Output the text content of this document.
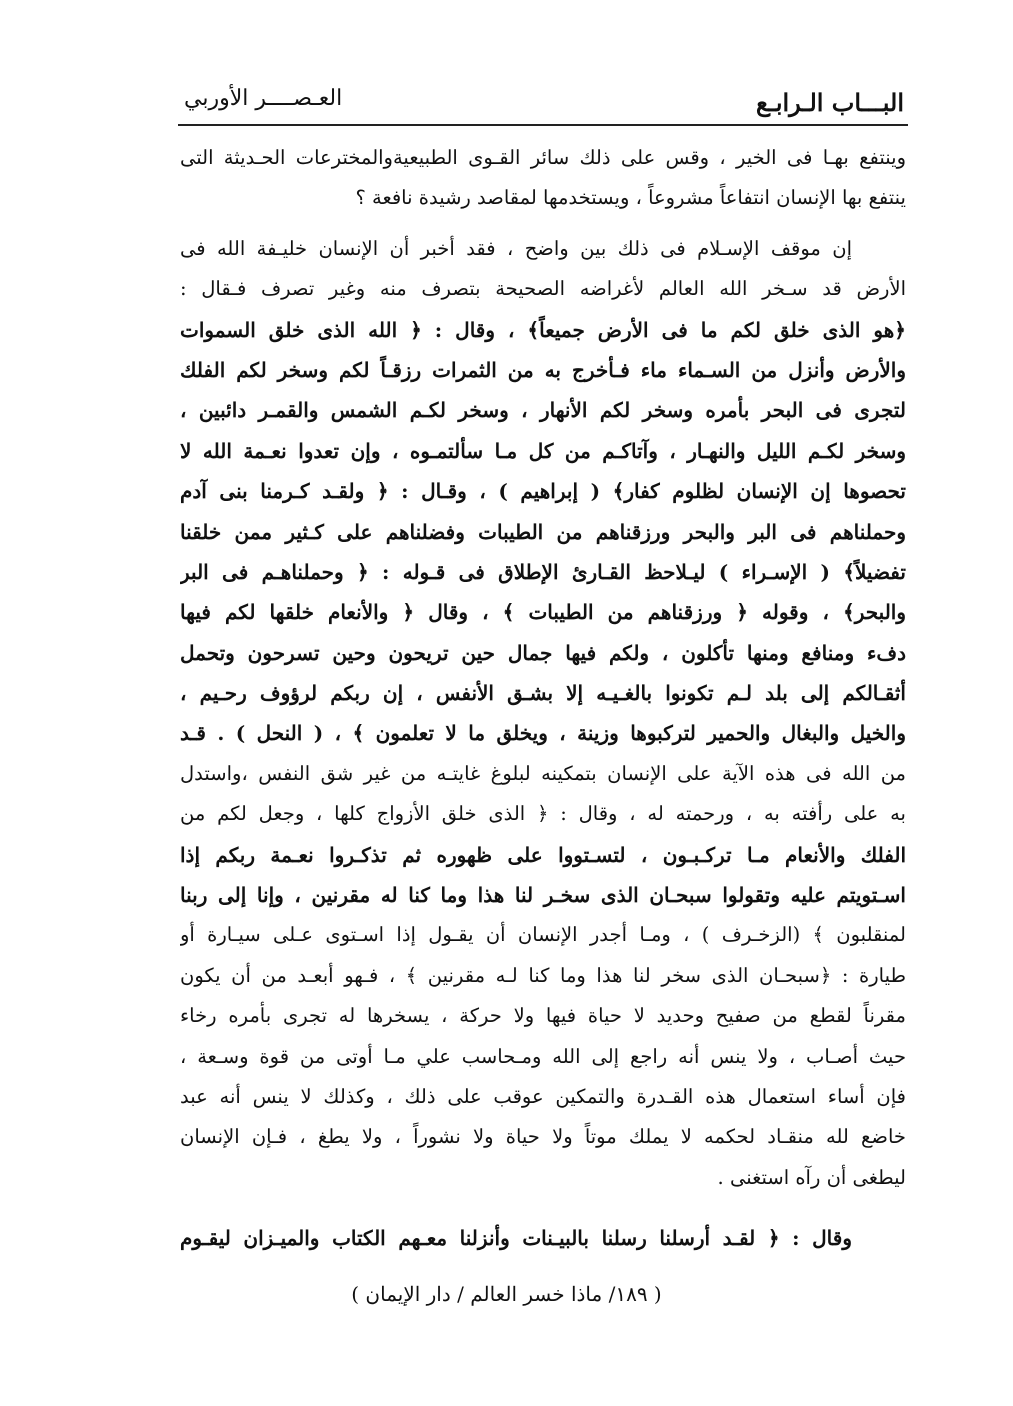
البـــاب الـرابـع
العـصــــر الأوربي
وينتفع بهـا فى الخير ، وقس على ذلك سائر القـوى الطبيعيةوالمخترعات الحـديثة التى
ينتفع بها الإنسان انتفاعاً مشروعاً ، ويستخدمها لمقاصد رشيدة نافعة ؟
إن موقف الإسـلام فى ذلك بين واضح ، فقد أخبر أن الإنسان خليـفة الله فى
الأرض قد سـخر الله العالم لأغراضه الصحيحة بتصرف منه وغير تصرف فـقال :
﴿هو الذى خلق لكم ما فى الأرض جميعاً﴾ ، وقال : ﴿ الله الذى خلق السموات
والأرض وأنزل من السـماء ماء فـأخرج به من الثمرات رزقـاً لكم وسخر لكم الفلك
لتجرى فى البحر بأمره وسخر لكم الأنهار ، وسخر لكـم الشمس والقمـر دائبين ،
وسخر لكـم الليل والنهـار ، وآتاكـم من كل مـا سألتمـوه ، وإن تعدوا نعـمة الله لا
تحصوها إن الإنسان لظلوم كفار﴾ ( إبراهيم ) ، وقـال : ﴿ ولقـد كـرمنا بنى آدم
وحملناهم فى البر والبحر ورزقناهم من الطيبات وفضلناهم على كـثير ممن خلقنا
تفضيلاً﴾ ( الإسـراء ) ليـلاحظ القـارئ الإطلاق فى قـوله : ﴿ وحملناهـم فى البر
والبحر﴾ ، وقوله ﴿ ورزقناهم من الطيبات ﴾ ، وقال ﴿ والأنعام خلقها لكم فيها
دفء ومنافع ومنها تأكلون ، ولكم فيها جمال حين تريحون وحين تسرحون وتحمل
أثقـالكم إلى بلد لـم تكونوا بالغـيـه إلا بشـق الأنفس ، إن ربكم لرؤوف رحـيم ،
والخيل والبغال والحمير لتركبوها وزينة ، ويخلق ما لا تعلمون ﴾ ، ( النحل ) . قـد
من الله فى هذه الآية على الإنسان بتمكينه لبلوغ غايتـه من غير شق النفس ،واستدل
به على رأفته به ، ورحمته له ، وقال : ﴿ الذى خلق الأزواج كلها ، وجعل لكم من
الفلك والأنعام مـا تركـبـون ، لتسـتووا على ظهوره ثم تذكـروا نعـمة ربكم إذا
اسـتويتم عليه وتقولوا سبحـان الذى سخـر لنا هذا وما كنا له مقرنين ، وإنا إلى ربنا
لمنقلبون ﴾ (الزخـرف ) ، ومـا أجدر الإنسان أن يقـول إذا اسـتوى عـلى سيـارة أو
طيارة : ﴿سبحـان الذى سخر لنا هذا وما كنا لـه مقرنين ﴾ ، فـهو أبعـد من أن يكون
مقرناً لقطع من صفيح وحديد لا حياة فيها ولا حركة ، يسخرها له تجرى بأمره رخاء
حيث أصـاب ، ولا ينس أنه راجع إلى الله ومـحاسب علي مـا أوتى من قوة وسـعة ،
فإن أساء استعمال هذه القـدرة والتمكين عوقب على ذلك ، وكذلك لا ينس أنه عبد
خاضع لله منقـاد لحكمه لا يملك موتاً ولا حياة ولا نشوراً ، ولا يطغ ، فـإن الإنسان
ليطغى أن رآه استغنى .
وقال : ﴿ لقـد أرسلنا رسلنا بالبيـنات وأنزلنا معـهم الكتاب والميـزان ليقـوم
( ١٨٩/ ماذا خسر العالم / دار الإيمان )
